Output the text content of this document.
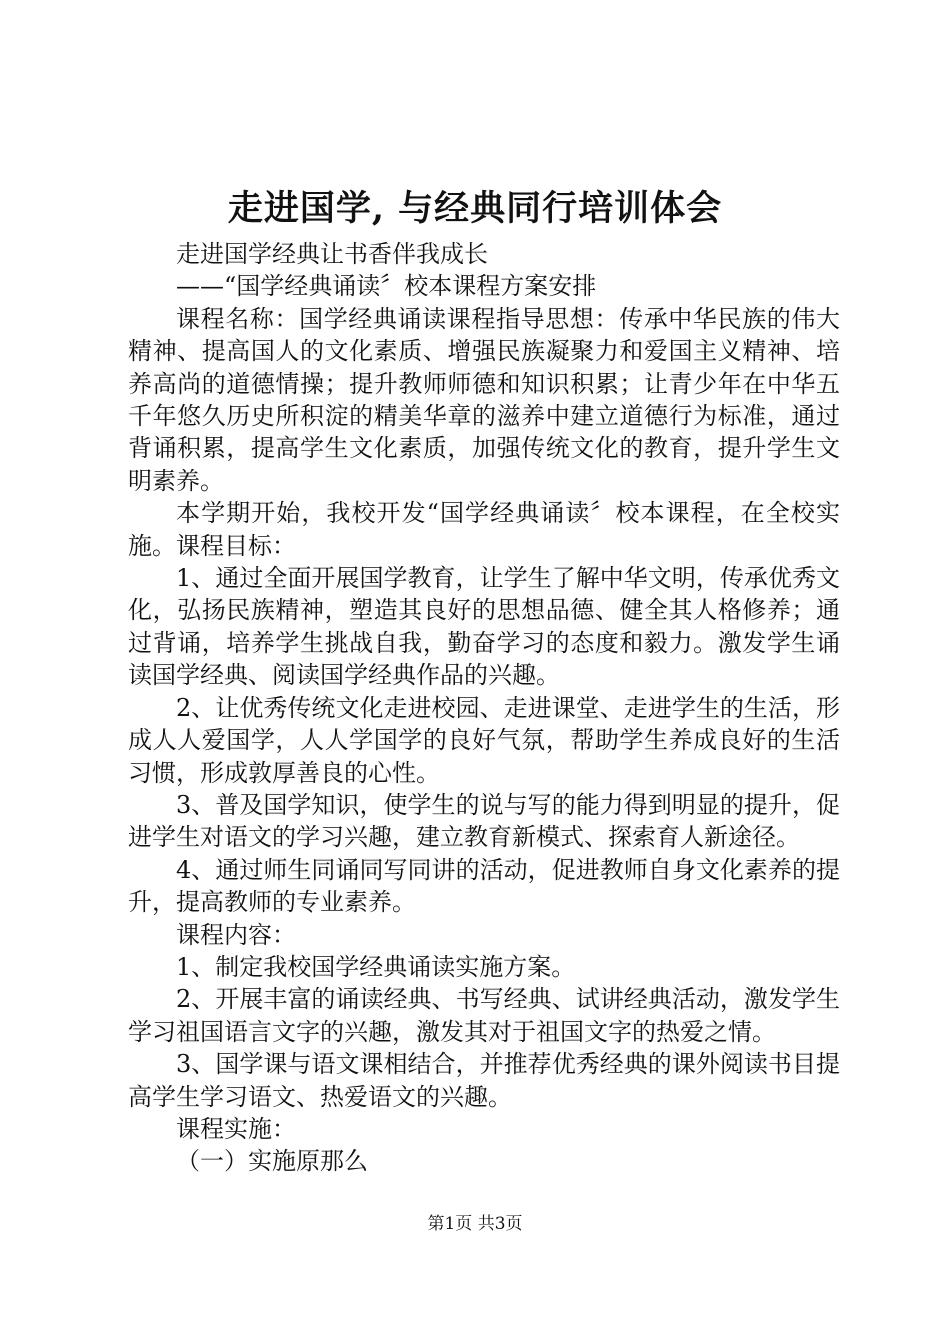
走进国学, 与经典同行培训体会

走进国学经典让书香伴我成长

——“国学经典诵读〞校本课程方案安排

课程名称：国学经典诵读课程指导思想：传承中华民族的伟大精神、提高国人的文化素质、增强民族凝聚力和爱国主义精神、培养高尚的道德情操；提升教师师德和知识积累；让青少年在中华五千年悠久历史所积淀的精美华章的滋养中建立道德行为标准，通过背诵积累，提高学生文化素质，加强传统文化的教育，提升学生文明素养。

本学期开始，我校开发“国学经典诵读〞校本课程，在全校实施。课程目标：

1、通过全面开展国学教育，让学生了解中华文明，传承优秀文化，弘扬民族精神，塑造其良好的思想品德、健全其人格修养；通过背诵，培养学生挑战自我，勤奋学习的态度和毅力。激发学生诵读国学经典、阅读国学经典作品的兴趣。

2、让优秀传统文化走进校园、走进课堂、走进学生的生活，形成人人爱国学，人人学国学的良好气氛，帮助学生养成良好的生活习惯，形成敦厚善良的心性。

3、普及国学知识，使学生的说与写的能力得到明显的提升，促进学生对语文的学习兴趣，建立教育新模式、探索育人新途径。

4、通过师生同诵同写同讲的活动，促进教师自身文化素养的提升，提高教师的专业素养。

课程内容：

1、制定我校国学经典诵读实施方案。

2、开展丰富的诵读经典、书写经典、试讲经典活动，激发学生学习祖国语言文字的兴趣，激发其对于祖国文字的热爱之情。

3、国学课与语文课相结合，并推荐优秀经典的课外阅读书目提高学生学习语文、热爱语文的兴趣。

课程实施：

（一）实施原那么

第1页 共3页
